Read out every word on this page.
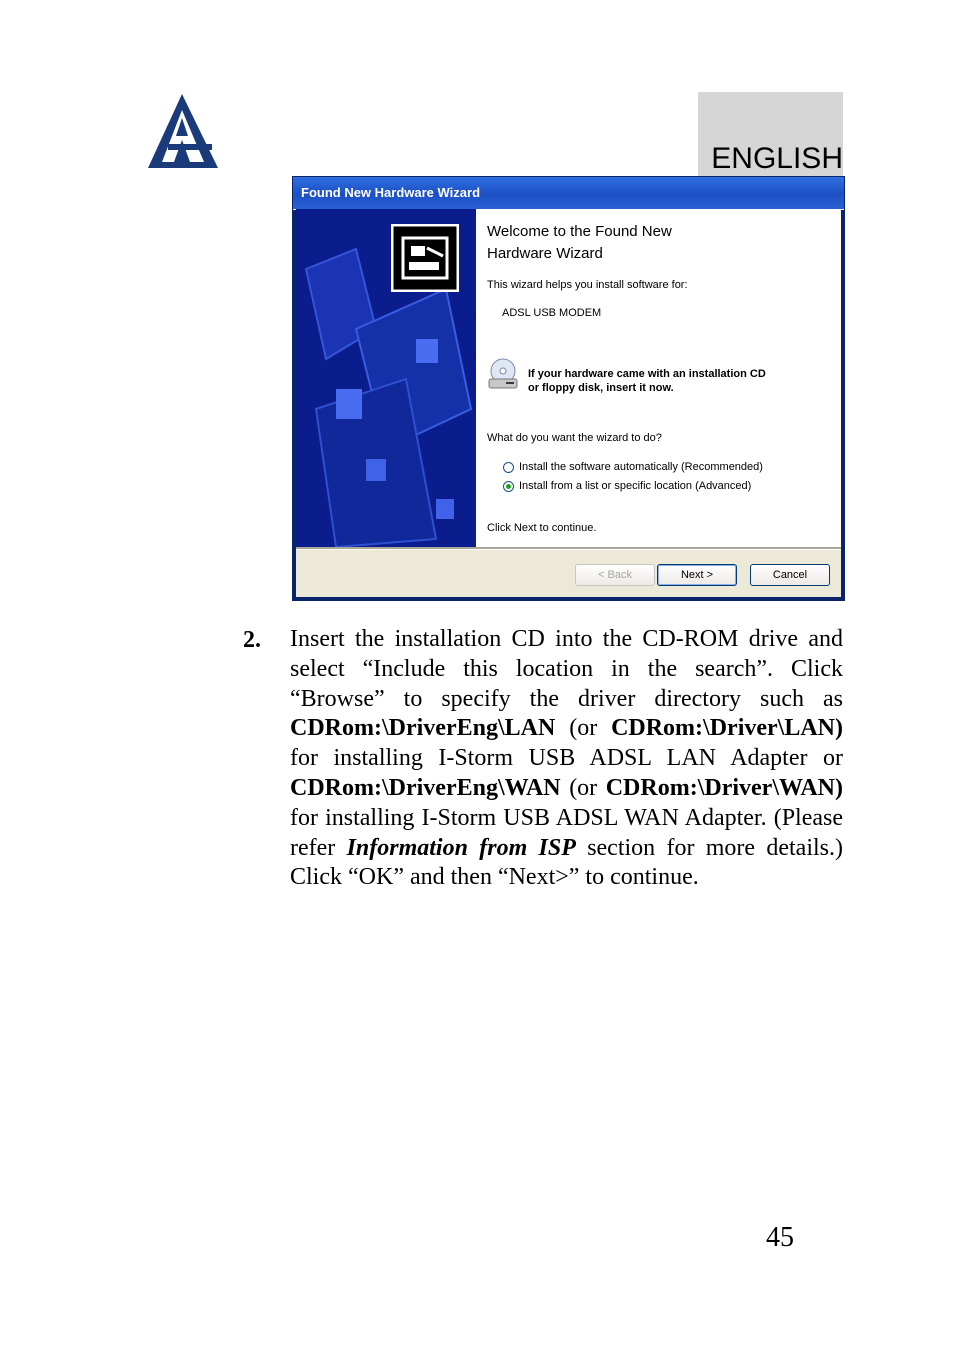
ENGLISH
Found New Hardware Wizard
Welcome to the Found New
Hardware Wizard
This wizard helps you install software for:
ADSL USB MODEM
If your hardware came with an installation CD
or floppy disk, insert it now.
What do you want the wizard to do?
Install the software automatically (Recommended)
Install from a list or specific location (Advanced)
Click Next to continue.
< Back	Next >	Cancel
2. Insert the installation CD into the CD-ROM drive and select “Include this location in the search”. Click “Browse” to specify the driver directory such as CDRom:\DriverEng\LAN (or CDRom:\Driver\LAN) for installing I-Storm USB ADSL LAN Adapter or CDRom:\DriverEng\WAN (or CDRom:\Driver\WAN) for installing I-Storm USB ADSL WAN Adapter. (Please refer Information from ISP section for more details.) Click “OK” and then “Next>” to continue.
45
